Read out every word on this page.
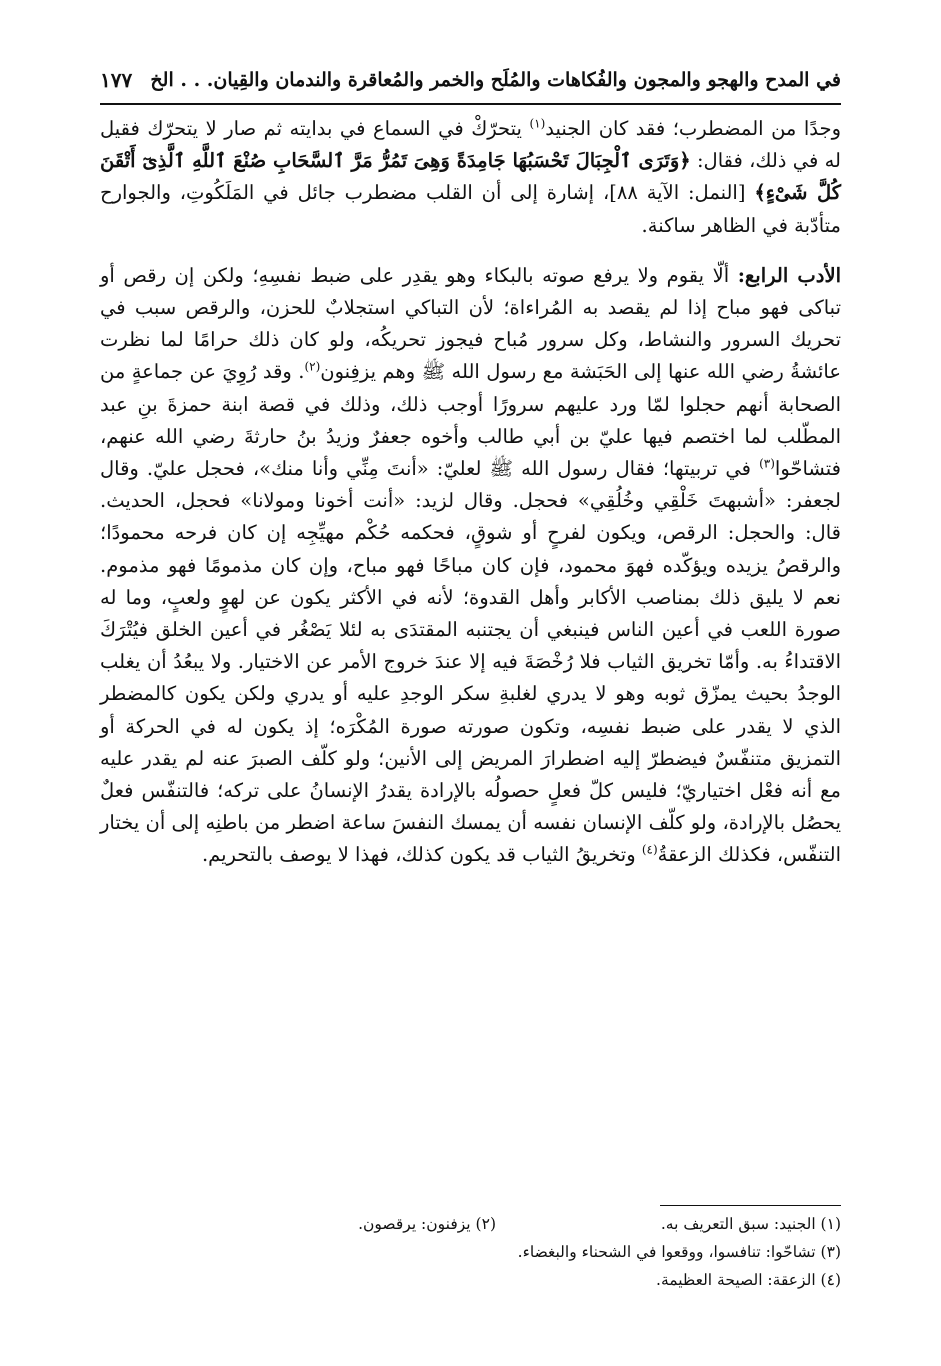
في المدح والهجو والمجون والفُكاهات والمُلَح والخمر والمُعاقرة والندمان والقِيان. . . الخ
١٧٧

وجدًا من المضطرب؛ فقد كان الجنيد$^{(١)}$ يتحرّكْ في السماع في بدايته ثم صار لا يتحرّك فقيل له في ذلك، فقال: ﴿وَتَرَى ٱلْجِبَالَ تَحْسَبُهَا جَامِدَةً وَهِىَ تَمُرُّ مَرَّ ٱلسَّحَابِ صُنْعَ ٱللَّهِ ٱلَّذِىٓ أَتْقَنَ كُلَّ شَىْءٍ﴾ [النمل: الآية ٨٨]، إشارة إلى أن القلب مضطرب جائل في المَلَكُوتِ، والجوارح متأدّبة في الظاهر ساكنة.

الأدب الرابع: ألّا يقوم ولا يرفع صوته بالبكاء وهو يقدِر على ضبط نفسِهِ؛ ولكن إن رقص أو تباكى فهو مباح إذا لم يقصد به المُراءاة؛ لأن التباكي استجلابٌ للحزن، والرقص سبب في تحريك السرور والنشاط، وكل سرور مُباح فيجوز تحريكُه، ولو كان ذلك حرامًا لما نظرت عائشةُ رضي الله عنها إلى الحَبَشة مع رسول الله ﷺ وهم يزفِنون$^{(٢)}$. وقد رُوِيَ عن جماعةٍ من الصحابة أنهم حجلوا لمّا ورد عليهم سرورًا أوجب ذلك، وذلك في قصة ابنة حمزةَ بنِ عبد المطّلب لما اختصم فيها عليّ بن أبي طالب وأخوه جعفرٌ وزيدُ بنُ حارثةَ رضي الله عنهم، فتشاحّوا$^{(٣)}$ في تربيتها؛ فقال رسول الله ﷺ لعليّ: «أنتَ مِنِّي وأنا منك»، فحجل عليّ. وقال لجعفر: «أشبهتَ خَلْقِي وخُلُقِي» فحجل. وقال لزيد: «أنت أخونا ومولانا» فحجل، الحديث. قال: والحجل: الرقص، ويكون لفرحٍ أو شوقٍ، فحكمه حُكْم مهيِّجِه إن كان فرحه محمودًا؛ والرقصُ يزيده ويؤكّده فهوَ محمود، فإن كان مباحًا فهو مباح، وإن كان مذمومًا فهو مذموم. نعم لا يليق ذلك بمناصب الأكابر وأهل القدوة؛ لأنه في الأكثر يكون عن لهوٍ ولعبٍ، وما له صورة اللعب في أعين الناس فينبغي أن يجتنبه المقتدَى به لئلا يَصْغُر في أعين الخلق فيُتْرَكَ الاقتداءُ به. وأمّا تخريق الثياب فلا رُخْصَةَ فيه إلا عندَ خروج الأمر عن الاختيار. ولا يبعُدُ أن يغلب الوجدُ بحيث يمزّق ثوبه وهو لا يدري لغلبةِ سكر الوجدِ عليه أو يدري ولكن يكون كالمضطر الذي لا يقدر على ضبط نفسِه، وتكون صورته صورة المُكْرَه؛ إذ يكون له في الحركة أو التمزيق متنفّسٌ فيضطرّ إليه اضطرارَ المريض إلى الأنين؛ ولو كلّف الصبرَ عنه لم يقدر عليه مع أنه فعْل اختياريّ؛ فليس كلّ فعلٍ حصولُه بالإرادة يقدرُ الإنسانُ على تركه؛ فالتنفّس فعلٌ يحصُل بالإرادة، ولو كلّف الإنسان نفسه أن يمسك النفسَ ساعة اضطر من باطنِه إلى أن يختار التنفّس، فكذلك الزعقةُ$^{(٤)}$ وتخريقُ الثياب قد يكون كذلك، فهذا لا يوصف بالتحريم.

(١) الجنيد: سبق التعريف به.
(٢) يزفنون: يرقصون.
(٣) تشاحّوا: تنافسوا، ووقعوا في الشحناء والبغضاء.
(٤) الزعقة: الصيحة العظيمة.
